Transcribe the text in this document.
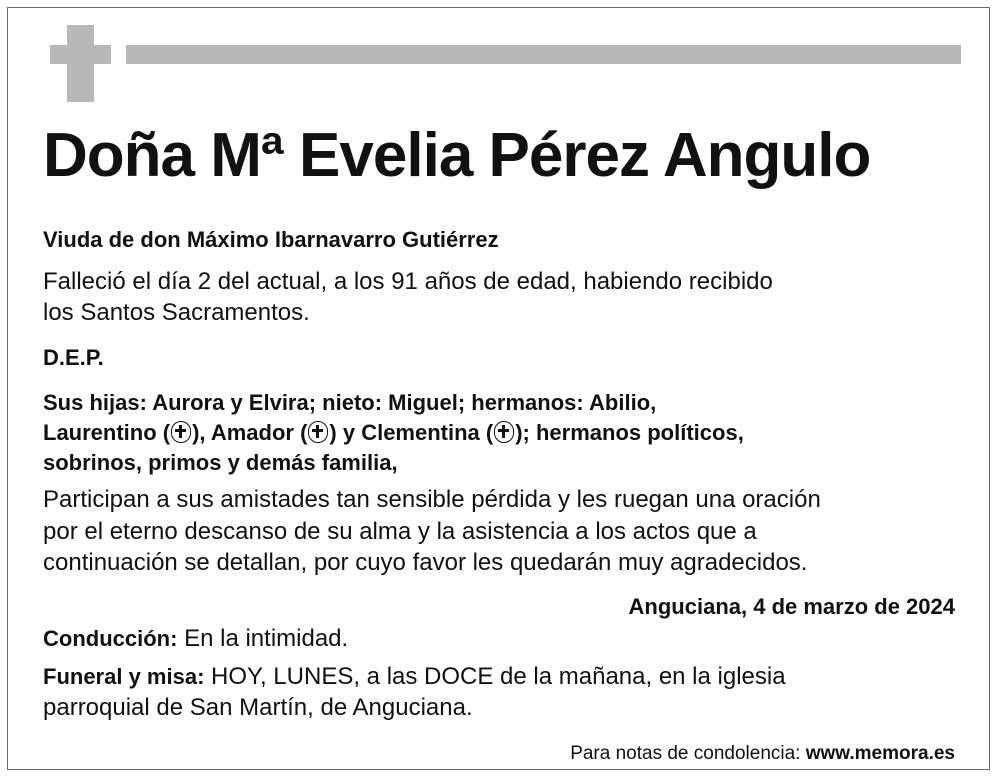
Doña Mª Evelia Pérez Angulo
Viuda de don Máximo Ibarnavarro Gutiérrez
Falleció el día 2 del actual, a los 91 años de edad, habiendo recibido
los Santos Sacramentos.
D.E.P.
Sus hijas: Aurora y Elvira; nieto: Miguel; hermanos: Abilio,
Laurentino ( ), Amador ( ) y Clementina ( ); hermanos políticos,
sobrinos, primos y demás familia,
Participan a sus amistades tan sensible pérdida y les ruegan una oración
por el eterno descanso de su alma y la asistencia a los actos que a
continuación se detallan, por cuyo favor les quedarán muy agradecidos.
Anguciana, 4 de marzo de 2024
Conducción: En la intimidad.
Funeral y misa: HOY, LUNES, a las DOCE de la mañana, en la iglesia
parroquial de San Martín, de Anguciana.
Para notas de condolencia: www.memora.es
